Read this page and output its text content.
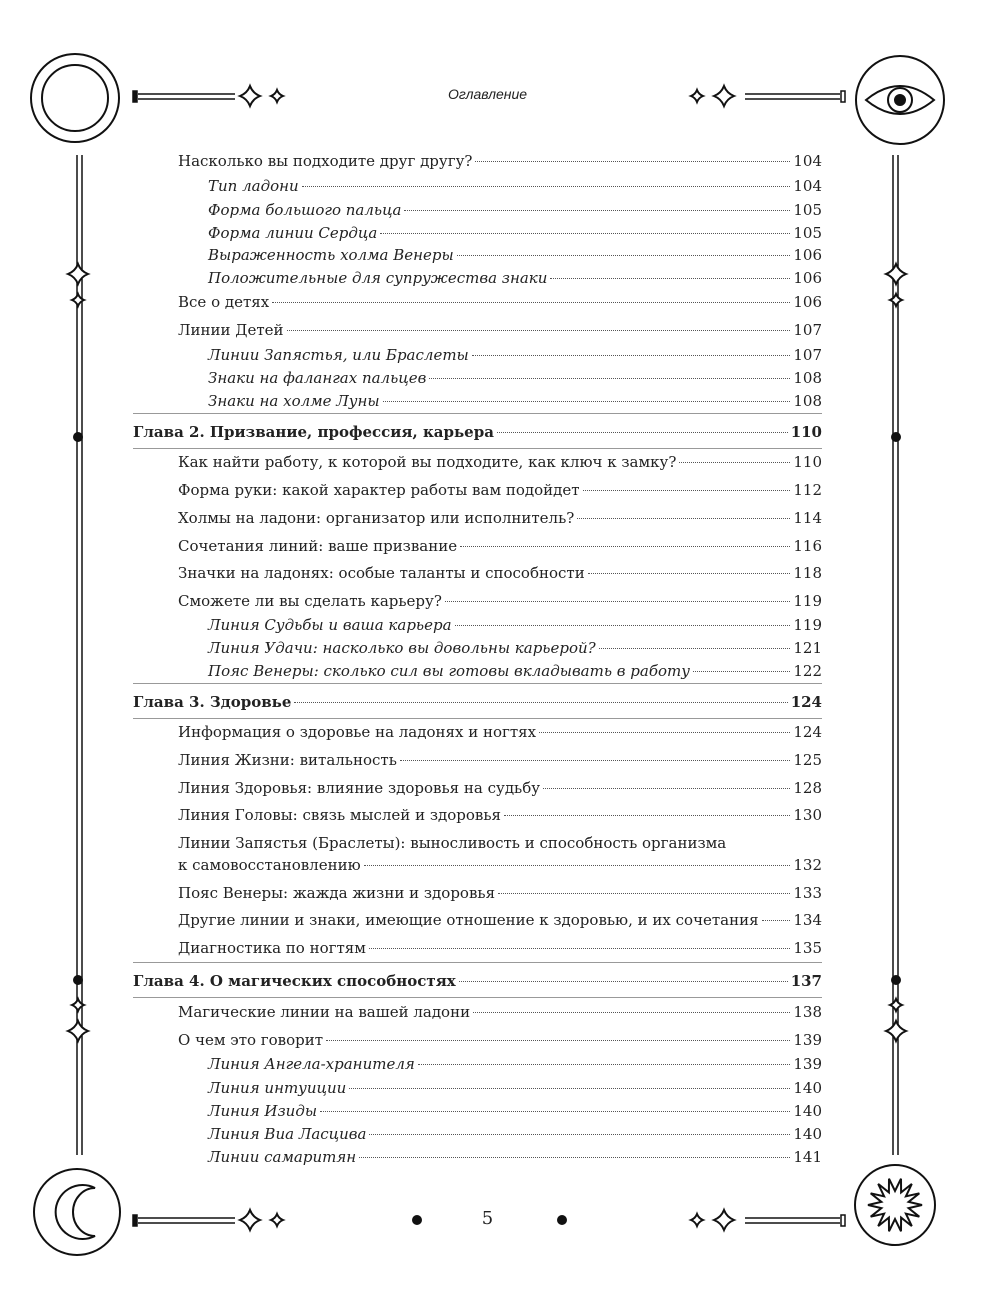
Оглавление
Насколько вы подходите друг другу?	104
Тип ладони	104
Форма большого пальца	105
Форма линии Сердца	105
Выраженность холма Венеры	106
Положительные для супружества знаки	106
Все о детях	106
Линии Детей	107
Линии Запястья, или Браслеты	107
Знаки на фалангах пальцев	108
Знаки на холме Луны	108
Глава 2. Призвание, профессия, карьера	110
Как найти работу, к которой вы подходите, как ключ к замку?	110
Форма руки: какой характер работы вам подойдет	112
Холмы на ладони: организатор или исполнитель?	114
Сочетания линий: ваше призвание	116
Значки на ладонях: особые таланты и способности	118
Сможете ли вы сделать карьеру?	119
Линия Судьбы и ваша карьера	119
Линия Удачи: насколько вы довольны карьерой?	121
Пояс Венеры: сколько сил вы готовы вкладывать в работу	122
Глава 3. Здоровье	124
Информация о здоровье на ладонях и ногтях	124
Линия Жизни: витальность	125
Линия Здоровья: влияние здоровья на судьбу	128
Линия Головы: связь мыслей и здоровья	130
Линии Запястья (Браслеты): выносливость и способность организма
к самовосстановлению	132
Пояс Венеры: жажда жизни и здоровья	133
Другие линии и знаки, имеющие отношение к здоровью, и их сочетания 134
Диагностика по ногтям	135
Глава 4. О магических способностях	137
Магические линии на вашей ладони	138
О чем это говорит	139
Линия Ангела-хранителя	139
Линия интуиции	140
Линия Изиды	140
Линия Виа Ласцива	140
Линии самаритян	141
5
